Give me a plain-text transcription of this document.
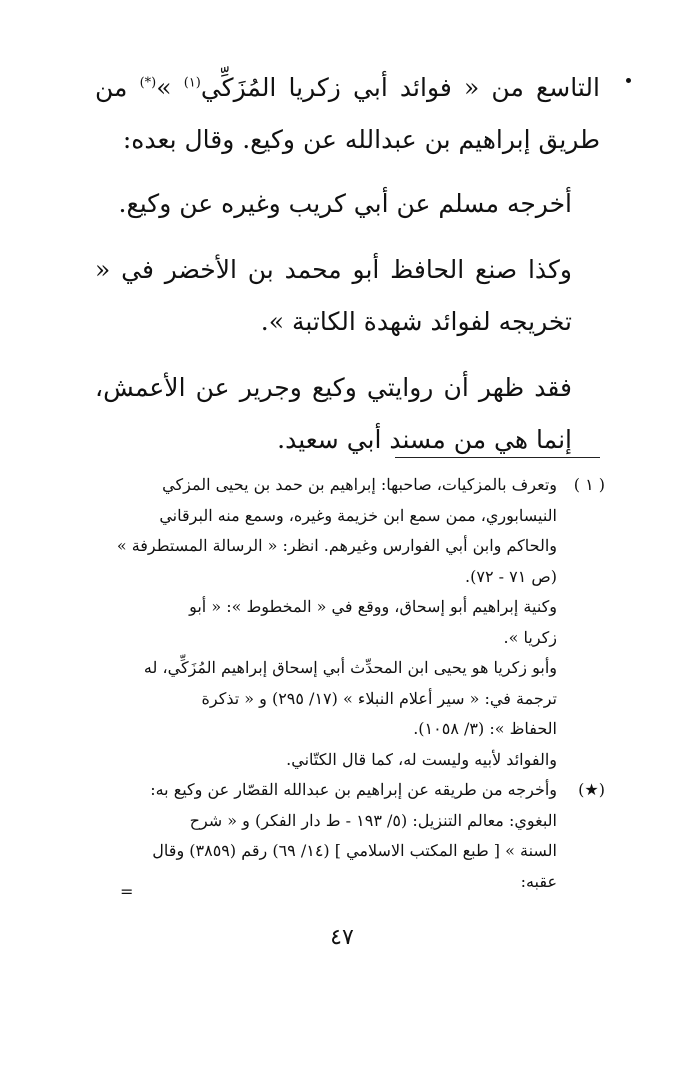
التاسع من « فوائد أبي زكريا المُزَكِّي$^{(١)}$ »(*) من طريق إبراهيم بن عبدالله عن وكيع. وقال بعده:

أخرجه مسلم عن أبي كريب وغيره عن وكيع.

وكذا صنع الحافظ أبو محمد بن الأخضر في « تخريجه لفوائد شهدة الكاتبة ».

فقد ظهر أن روايتي وكيع وجرير عن الأعمش، إنما هي من مسند أبي سعيد.

( ١ )
وتعرف بالمزكيات، صاحبها: إبراهيم بن حمد بن يحيى المزكي
النيسابوري، ممن سمع ابن خزيمة وغيره، وسمع منه البرقاني
والحاكم وابن أبي الفوارس وغيرهم. انظر: « الرسالة المستطرفة »
(ص ٧١ - ٧٢).
وكنية إبراهيم أبو إسحاق، ووقع في « المخطوط »: « أبو
زكريا ».
وأبو زكريا هو يحيى ابن المحدِّث أبي إسحاق إبراهيم المُزَكِّي، له
ترجمة في: « سير أعلام النبلاء » (١٧/ ٢٩٥) و « تذكرة
الحفاظ »: (٣/ ١٠٥٨).
والفوائد لأبيه وليست له، كما قال الكتّاني.
(★)
وأخرجه من طريقه عن إبراهيم بن عبدالله القصّار عن وكيع به:
البغوي: معالم التنزيل: (٥/ ١٩٣ - ط دار الفكر) و « شرح
السنة » [ طبع المكتب الاسلامي ] (١٤/ ٦٩) رقم (٣٨٥٩) وقال
عقبه:
=
٤٧
